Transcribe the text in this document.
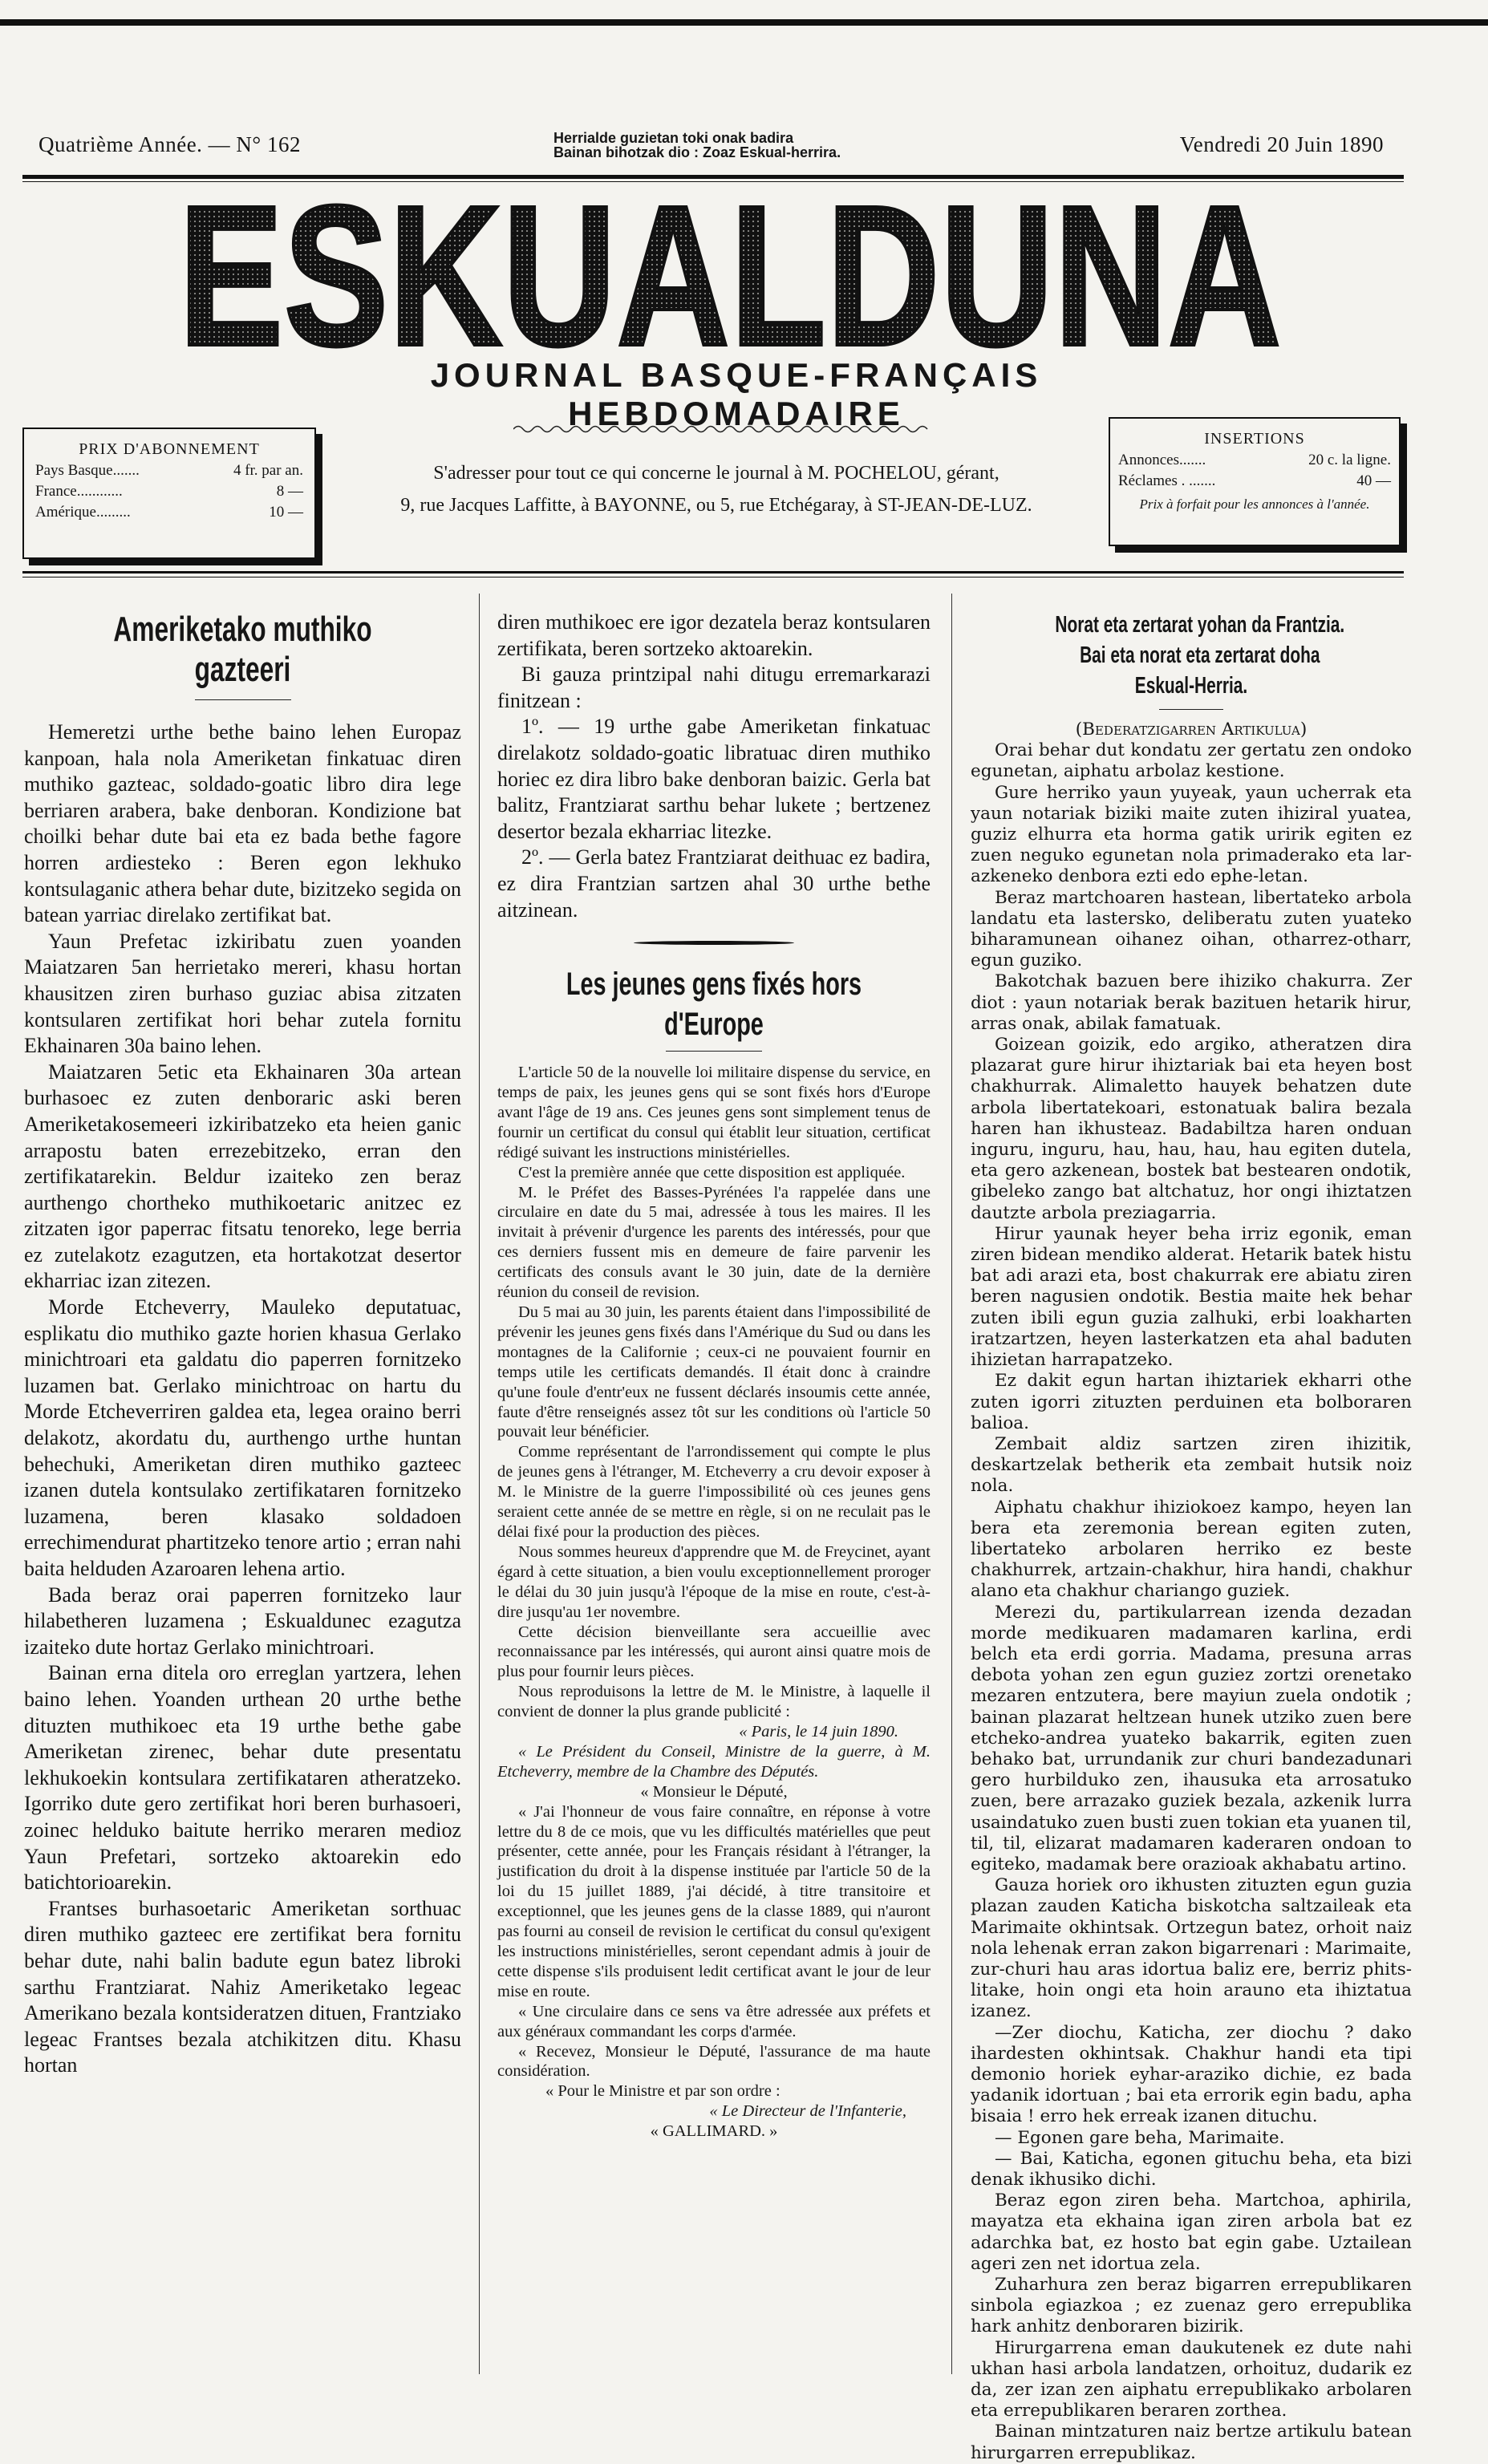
Quatrième Année. — N° 162	Herrialde guzietan toki onak badira
Bainan bihotzak dio : Zoaz Eskual-herrira.	Vendredi 20 Juin 1890
ESKUALDUNA
JOURNAL BASQUE-FRANÇAIS HEBDOMADAIRE
PRIX D'ABONNEMENT
Pays Basque.......	4 fr. par an.
France............	8 —
Amérique.........	10 —
S'adresser pour tout ce qui concerne le journal à M. POCHELOU, gérant,
9, rue Jacques Laffitte, à BAYONNE, ou 5, rue Etchégaray, à ST-JEAN-DE-LUZ.
INSERTIONS
Annonces.......	20 c. la ligne.
Réclames . .......	40 —
Prix à forfait pour les annonces à l'année.
Ameriketako muthiko gazteeri

Hemeretzi urthe bethe baino lehen Europaz kanpoan, hala nola Ameriketan finkatuac diren muthiko gazteac, soldado-goatic libro dira lege berriaren arabera, bake denboran. Kondizione bat choilki behar dute bai eta ez bada bethe fagore horren ardiesteko : Beren egon lekhuko kontsulaganic athera behar dute, bizitzeko segida on batean yarriac direlako zertifikat bat.

Yaun Prefetac izkiribatu zuen yoanden Maiatzaren 5an herrietako mereri, khasu hortan khausitzen ziren burhaso guziac abisa zitzaten kontsularen zertifikat hori behar zutela fornitu Ekhainaren 30a baino lehen.

Maiatzaren 5etic eta Ekhainaren 30a artean burhasoec ez zuten denboraric aski beren Ameriketakosemeeri izkiribatzeko eta heien ganic arrapostu baten errezebitzeko, erran den zertifikatarekin. Beldur izaiteko zen beraz aurthengo chortheko muthikoetaric anitzec ez zitzaten igor paperrac fitsatu tenoreko, lege berria ez zutelakotz ezagutzen, eta hortakotzat desertor ekharriac izan zitezen.

Morde Etcheverry, Mauleko deputatuac, esplikatu dio muthiko gazte horien khasua Gerlako minichtroari eta galdatu dio paperren fornitzeko luzamen bat. Gerlako minichtroac on hartu du Morde Etcheverriren galdea eta, legea oraino berri delakotz, akordatu du, aurthengo urthe huntan behechuki, Ameriketan diren muthiko gazteec izanen dutela kontsulako zertifikataren fornitzeko luzamena, beren klasako soldadoen errechimendurat phartitzeko tenore artio ; erran nahi baita helduden Azaroaren lehena artio.

Bada beraz orai paperren fornitzeko laur hilabetheren luzamena ; Eskualdunec ezagutza izaiteko dute hortaz Gerlako minichtroari.

Bainan erna ditela oro erreglan yartzera, lehen baino lehen. Yoanden urthean 20 urthe bethe dituzten muthikoec eta 19 urthe bethe gabe Ameriketan zirenec, behar dute presentatu lekhukoekin kontsulara zertifikataren atheratzeko. Igorriko dute gero zertifikat hori beren burhasoeri, zoinec helduko baitute herriko meraren medioz Yaun Prefetari, sortzeko aktoarekin edo batichtorioarekin.

Frantses burhasoetaric Ameriketan sorthuac diren muthiko gazteec ere zertifikat bera fornitu behar dute, nahi balin badute egun batez libroki sarthu Frantziarat. Nahiz Ameriketako legeac Amerikano bezala kontsideratzen dituen, Frantziako legeac Frantses bezala atchikitzen ditu. Khasu hortan

diren muthikoec ere igor dezatela beraz kontsularen zertifikata, beren sortzeko aktoarekin.

Bi gauza printzipal nahi ditugu erremarkarazi finitzean :

1º. — 19 urthe gabe Ameriketan finkatuac direlakotz soldado-goatic libratuac diren muthiko horiec ez dira libro bake denboran baizic. Gerla bat balitz, Frantziarat sarthu behar lukete ; bertzenez desertor bezala ekharriac litezke.

2º. — Gerla batez Frantziarat deithuac ez badira, ez dira Frantzian sartzen ahal 30 urthe bethe aitzinean.

Les jeunes gens fixés hors d'Europe

L'article 50 de la nouvelle loi militaire dispense du service, en temps de paix, les jeunes gens qui se sont fixés hors d'Europe avant l'âge de 19 ans. Ces jeunes gens sont simplement tenus de fournir un certificat du consul qui établit leur situation, certificat rédigé suivant les instructions ministérielles.

C'est la première année que cette disposition est appliquée.

M. le Préfet des Basses-Pyrénées l'a rappelée dans une circulaire en date du 5 mai, adressée à tous les maires. Il les invitait à prévenir d'urgence les parents des intéressés, pour que ces derniers fussent mis en demeure de faire parvenir les certificats des consuls avant le 30 juin, date de la dernière réunion du conseil de revision.

Du 5 mai au 30 juin, les parents étaient dans l'impossibilité de prévenir les jeunes gens fixés dans l'Amérique du Sud ou dans les montagnes de la Californie ; ceux-ci ne pouvaient fournir en temps utile les certificats demandés. Il était donc à craindre qu'une foule d'entr'eux ne fussent déclarés insoumis cette année, faute d'être renseignés assez tôt sur les conditions où l'article 50 pouvait leur bénéficier.

Comme représentant de l'arrondissement qui compte le plus de jeunes gens à l'étranger, M. Etcheverry a cru devoir exposer à M. le Ministre de la guerre l'impossibilité où ces jeunes gens seraient cette année de se mettre en règle, si on ne reculait pas le délai fixé pour la production des pièces.

Nous sommes heureux d'apprendre que M. de Freycinet, ayant égard à cette situation, a bien voulu exceptionnellement proroger le délai du 30 juin jusqu'à l'époque de la mise en route, c'est-à-dire jusqu'au 1er novembre.

Cette décision bienveillante sera accueillie avec reconnaissance par les intéressés, qui auront ainsi quatre mois de plus pour fournir leurs pièces.

Nous reproduisons la lettre de M. le Ministre, à laquelle il convient de donner la plus grande publicité :

« Paris, le 14 juin 1890.

« Le Président du Conseil, Ministre de la guerre, à M. Etcheverry, membre de la Chambre des Députés.

« Monsieur le Député,

« J'ai l'honneur de vous faire connaître, en réponse à votre lettre du 8 de ce mois, que vu les difficultés matérielles que peut présenter, cette année, pour les Français résidant à l'étranger, la justification du droit à la dispense instituée par l'article 50 de la loi du 15 juillet 1889, j'ai décidé, à titre transitoire et exceptionnel, que les jeunes gens de la classe 1889, qui n'auront pas fourni au conseil de revision le certificat du consul qu'exigent les instructions ministérielles, seront cependant admis à jouir de cette dispense s'ils produisent ledit certificat avant le jour de leur mise en route.

« Une circulaire dans ce sens va être adressée aux préfets et aux généraux commandant les corps d'armée.

« Recevez, Monsieur le Député, l'assurance de ma haute considération.

« Pour le Ministre et par son ordre :

« Le Directeur de l'Infanterie,

« GALLIMARD. »

Norat eta zertarat yohan da Frantzia.

Bai eta norat eta zertarat doha Eskual-Herria.

(Bederatzigarren Artikulua)

Orai behar dut kondatu zer gertatu zen ondoko egunetan, aiphatu arbolaz kestione.

Gure herriko yaun yuyeak, yaun ucherrak eta yaun notariak biziki maite zuten ihiziral yuatea, guziz elhurra eta horma gatik uririk egiten ez zuen neguko egunetan nola primaderako eta lar-azkeneko denbora ezti edo ephe-letan.

Beraz martchoaren hastean, libertateko arbola landatu eta lastersko, deliberatu zuten yuateko biharamunean oihanez oihan, otharrez-otharr, egun guziko.

Bakotchak bazuen bere ihiziko chakurra. Zer diot : yaun notariak berak bazituen hetarik hirur, arras onak, abilak famatuak.

Goizean goizik, edo argiko, atheratzen dira plazarat gure hirur ihiztariak bai eta heyen bost chakhurrak. Alimaletto hauyek behatzen dute arbola libertatekoari, estonatuak balira bezala haren han ikhusteaz. Badabiltza haren onduan inguru, inguru, hau, hau, hau, hau egiten dutela, eta gero azkenean, bostek bat bestearen ondotik, gibeleko zango bat altchatuz, hor ongi ihiztatzen dautzte arbola preziagarria.

Hirur yaunak heyer beha irriz egonik, eman ziren bidean mendiko alderat. Hetarik batek histu bat adi arazi eta, bost chakurrak ere abiatu ziren beren nagusien ondotik. Bestia maite hek behar zuten ibili egun guzia zalhuki, erbi loakharten iratzartzen, heyen lasterkatzen eta ahal baduten ihizietan harrapatzeko.

Ez dakit egun hartan ihiztariek ekharri othe zuten igorri zituzten perduinen eta bolboraren balioa.

Zembait aldiz sartzen ziren ihizitik, deskartzelak betherik eta zembait hutsik noiz nola.

Aiphatu chakhur ihiziokoez kampo, heyen lan bera eta zeremonia berean egiten zuten, libertateko arbolaren herriko ez beste chakhurrek, artzain-chakhur, hira handi, chakhur alano eta chakhur chariango guziek.

Merezi du, partikularrean izenda dezadan morde medikuaren madamaren karlina, erdi belch eta erdi gorria. Madama, presuna arras debota yohan zen egun guziez zortzi orenetako mezaren entzutera, bere mayiun zuela ondotik ; bainan plazarat heltzean hunek utziko zuen bere etcheko-andrea yuateko bakarrik, egiten zuen behako bat, urrundanik zur churi bandezadunari gero hurbilduko zen, ihausuka eta arrosatuko zuen, bere arrazako guziek bezala, azkenik lurra usaindatuko zuen busti zuen tokian eta yuanen til, til, til, elizarat madamaren kaderaren ondoan to egiteko, madamak bere orazioak akhabatu artino.

Gauza horiek oro ikhusten zituzten egun guzia plazan zauden Katicha biskotcha saltzaileak eta Marimaite okhintsak. Ortzegun batez, orhoit naiz nola lehenak erran zakon bigarrenari : Marimaite, zur-churi hau aras idortua baliz ere, berriz phits-litake, hoin ongi eta hoin arauno eta ihiztatua izanez.

—Zer diochu, Katicha, zer diochu ? dako ihardesten okhintsak. Chakhur handi eta tipi demonio horiek eyhar-araziko dichie, ez bada yadanik idortuan ; bai eta errorik egin badu, apha bisaia ! erro hek erreak izanen dituchu.

— Egonen gare beha, Marimaite.

— Bai, Katicha, egonen gituchu beha, eta bizi denak ikhusiko dichi.

Beraz egon ziren beha. Martchoa, aphirila, mayatza eta ekhaina igan ziren arbola bat ez adarchka bat, ez hosto bat egin gabe. Uztailean ageri zen net idortua zela.

Zuharhura zen beraz bigarren errepublikaren sinbola egiazkoa ; ez zuenaz gero errepublika hark anhitz denboraren bizirik.

Hirurgarrena eman daukutenek ez dute nahi ukhan hasi arbola landatzen, orhoituz, dudarik ez da, zer izan zen aiphatu errepublikako arbolaren eta errepublikaren beraren zorthea.

Bainan mintzaturen naiz bertze artikulu batean hirurgarren errepublikaz.
